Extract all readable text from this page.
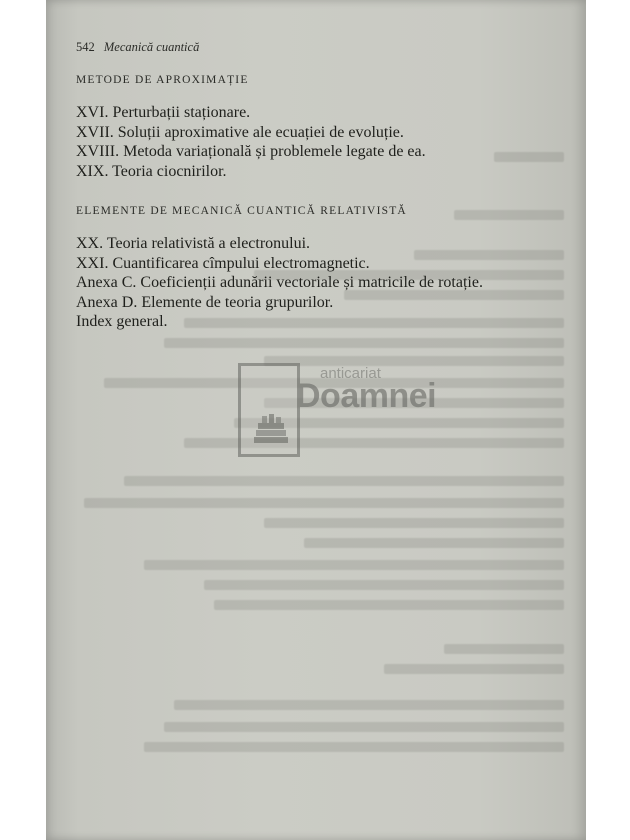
542 Mecanică cuantică
METODE DE APROXIMAȚIE
XVI. Perturbații staționare.
XVII. Soluții aproximative ale ecuației de evoluție.
XVIII. Metoda variațională și problemele legate de ea.
XIX. Teoria ciocnirilor.
ELEMENTE DE MECANICĂ CUANTICĂ RELATIVISTĂ
XX. Teoria relativistă a electronului.
XXI. Cuantificarea cîmpului electromagnetic.
Anexa C. Coeficienții adunării vectoriale și matricile de rotație.
Anexa D. Elemente de teoria grupurilor.
Index general.
anticariat
Doamnei
